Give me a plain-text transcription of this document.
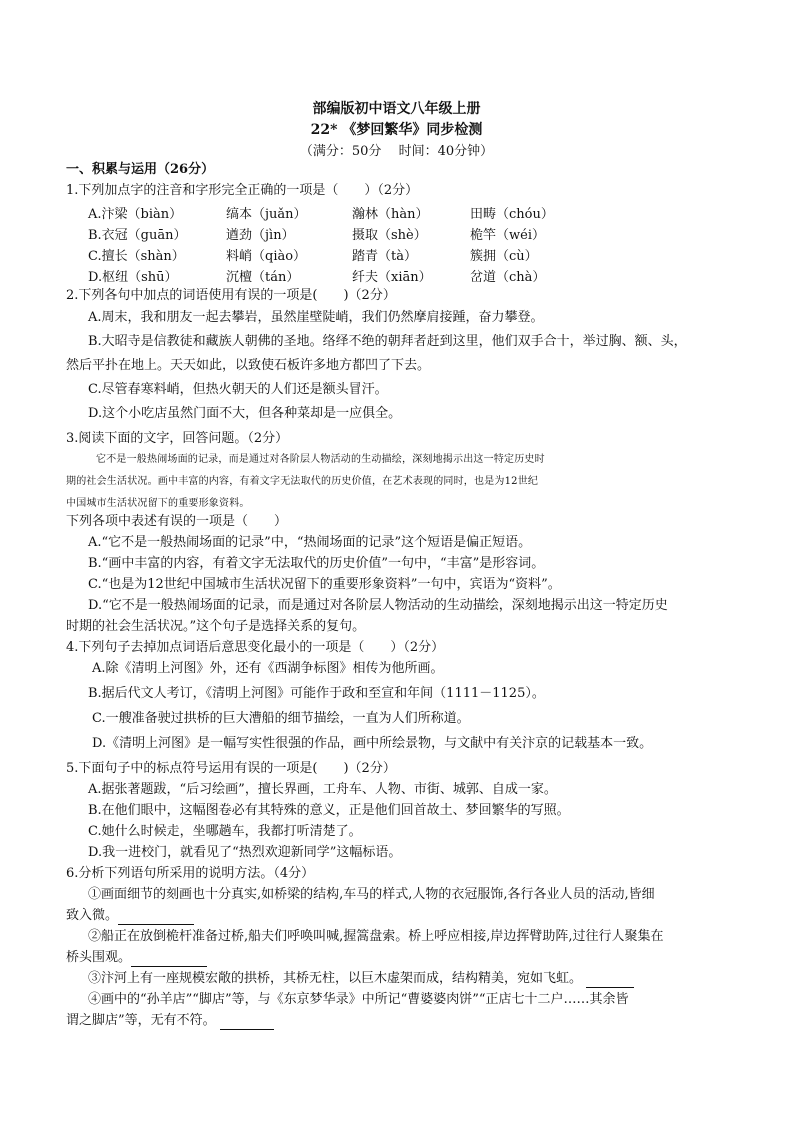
部编版初中语文八年级上册
22* 《梦回繁华》同步检测
（满分：50分　 时间：40分钟）
一、积累与运用（26分）
1.下列加点字的注音和字形完全正确的一项是（　　）（2分）
A.汴梁（biàn）	缟本（juǎn）	瀚林（hàn）	田畴（chóu）
B.衣冠（guān）	遒劲（jìn）	摄取（shè）	桅竿（wéi）
C.擅长（shàn）	料峭（qiào）	踏青（tà）	簇拥（cù）
D.枢纽（shū）	沉檀（tán）	纤夫（xiān）	岔道（chà）
2.下列各句中加点的词语使用有误的一项是(　　)（2分）
A.周末，我和朋友一起去攀岩，虽然崖壁陡峭，我们仍然摩肩接踵，奋力攀登。
B.大昭寺是信教徒和藏族人朝佛的圣地。络绎不绝的朝拜者赶到这里，他们双手合十，举过胸、额、头，
然后平扑在地上。天天如此，以致使石板许多地方都凹了下去。
C.尽管春寒料峭，但热火朝天的人们还是额头冒汗。
D.这个小吃店虽然门面不大，但各种菜却是一应俱全。
3.阅读下面的文字，回答问题。（2分）
它不是一般热闹场面的记录，而是通过对各阶层人物活动的生动描绘，深刻地揭示出这一特定历史时
期的社会生活状况。画中丰富的内容，有着文字无法取代的历史价值，在艺术表现的同时，也是为12世纪
中国城市生活状况留下的重要形象资料。
下列各项中表述有误的一项是（　　）
A.“它不是一般热闹场面的记录”中，“热闹场面的记录”这个短语是偏正短语。
B.“画中丰富的内容，有着文字无法取代的历史价值”一句中，“丰富”是形容词。
C.“也是为12世纪中国城市生活状况留下的重要形象资料”一句中，宾语为“资料”。
D.“它不是一般热闹场面的记录，而是通过对各阶层人物活动的生动描绘，深刻地揭示出这一特定历史
时期的社会生活状况。”这个句子是选择关系的复句。
4.下列句子去掉加点词语后意思变化最小的一项是（　　）（2分）
A.除《清明上河图》外，还有《西湖争标图》相传为他所画。
B.据后代文人考订，《清明上河图》可能作于政和至宣和年间（1111－1125）。
C.一艘准备驶过拱桥的巨大漕船的细节描绘，一直为人们所称道。
D.《清明上河图》是一幅写实性很强的作品，画中所绘景物，与文献中有关汴京的记载基本一致。
5.下面句子中的标点符号运用有误的一项是(　　)（2分）
A.据张著题跋，“后习绘画”，擅长界画，工舟车、人物、市街、城郭、自成一家。
B.在他们眼中，这幅图卷必有其特殊的意义，正是他们回首故土、梦回繁华的写照。
C.她什么时候走，坐哪趟车，我都打听清楚了。
D.我一进校门，就看见了“热烈欢迎新同学”这幅标语。
6.分析下列语句所采用的说明方法。（4分）
①画面细节的刻画也十分真实,如桥梁的结构,车马的样式,人物的衣冠服饰,各行各业人员的活动,皆细
致入微。
②船正在放倒桅杆准备过桥,船夫们呼唤叫喊,握篙盘索。桥上呼应相接,岸边挥臂助阵,过往行人聚集在
桥头围观。
③汴河上有一座规模宏敞的拱桥，其桥无柱，以巨木虚架而成，结构精美，宛如飞虹。
④画中的“孙羊店”“脚店”等，与《东京梦华录》中所记“曹婆婆肉饼”“正店七十二户……其余皆
谓之脚店”等，无有不符。
